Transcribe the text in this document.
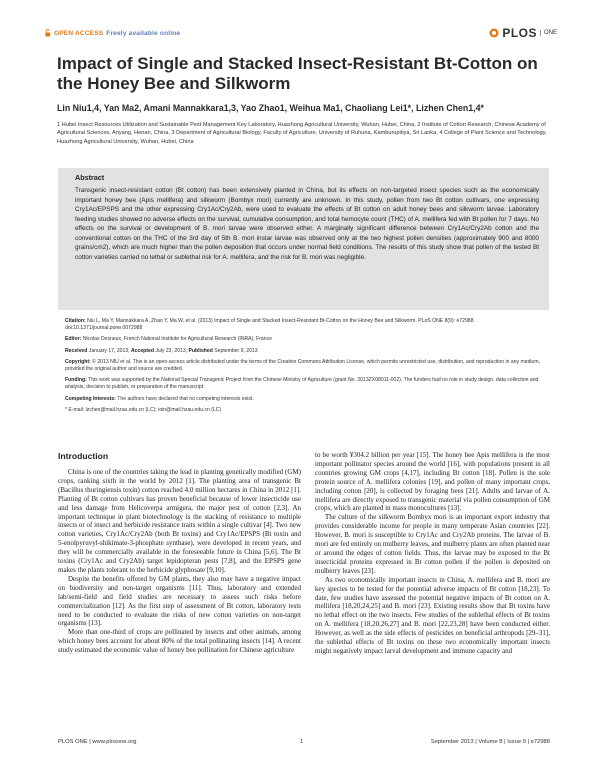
OPEN ACCESS Freely available online	PLOS	ONE
Impact of Single and Stacked Insect-Resistant Bt-Cotton on the Honey Bee and Silkworm
Lin Niu1,4, Yan Ma2, Amani Mannakkara1,3, Yao Zhao1, Weihua Ma1, Chaoliang Lei1*, Lizhen Chen1,4*

1 Hubei Insect Resources Utilization and Sustainable Pest Management Key Laboratory, Huazhong Agricultural University, Wuhan, Hubei, China, 2 Institute of Cotton Research, Chinese Academy of Agricultural Sciences, Anyang, Henan, China, 3 Department of Agricultural Biology, Faculty of Agriculture, University of Ruhuna, Kamburupitiya, Sri Lanka, 4 College of Plant Science and Technology, Huazhong Agricultural University, Wuhan, Hubei, China

Abstract

Transgenic insect-resistant cotton (Bt cotton) has been extensively planted in China, but its effects on non-targeted insect species such as the economically important honey bee (Apis mellifera) and silkworm (Bombyx mori) currently are unknown. In this study, pollen from two Bt cotton cultivars, one expressing Cry1Ac/EPSPS and the other expressing Cry1Ac/Cry2Ab, were used to evaluate the effects of Bt cotton on adult honey bees and silkworm larvae. Laboratory feeding studies showed no adverse effects on the survival, cumulative consumption, and total hemocyte count (THC) of A. mellifera fed with Bt pollen for 7 days. No effects on the survival or development of B. mori larvae were observed either. A marginally significant difference between Cry1Ac/Cry2Ab cotton and the conventional cotton on the THC of the 3rd day of 5th B. mori instar larvae was observed only at the two highest pollen densities (approximately 900 and 8000 grains/cm2), which are much higher than the pollen deposition that occurs under normal field conditions. The results of this study show that pollen of the tested Bt cotton varieties carried no lethal or sublethal risk for A. mellifera, and the risk for B. mori was negligible.

Citation: Niu L, Ma Y, Mannakkara A, Zhao Y, Ma W, et al. (2013) Impact of Single and Stacked Insect-Resistant Bt-Cotton on the Honey Bee and Silkworm. PLoS ONE 8(9): e72988. doi:10.1371/journal.pone.0072988

Editor: Nicolas Desneux, French National Institute for Agricultural Research (INRA), France

Received January 17, 2013; Accepted July 23, 2013; Published September 9, 2013

Copyright: © 2013 NIU et al. This is an open-access article distributed under the terms of the Creative Commons Attribution License, which permits unrestricted use, distribution, and reproduction in any medium, provided the original author and source are credited.

Funding: This work was supported by the National Special Transgenic Project from the Chinese Ministry of Agriculture (grant No. 2013ZX08011-002). The funders had no role in study design, data collection and analysis, decision to publish, or preparation of the manuscript.

Competing Interests: The authors have declared that no competing interests exist.

* E-mail: lzchen@mail.hzau.edu.cn (LC); ioin@mail.hzau.edu.cn (LC)

Introduction

China is one of the countries taking the lead in planting genetically modified (GM) crops, ranking sixth in the world by 2012 [1]. The planting area of transgenic Bt (Bacillus thuringiensis toxin) cotton reached 4.0 million hectares in China in 2012 [1]. Planting of Bt cotton cultivars has proven beneficial because of lower insecticide use and less damage from Helicoverpa armigera, the major pest of cotton [2,3]. An important technique in plant biotechnology is the stacking of resistance to multiple insects or of insect and herbicide resistance traits within a single cultivar [4]. Two new cotton varieties, Cry1Ac/Cry2Ab (both Bt toxins) and Cry1Ac/EPSPS (Bt toxin and 5-enolpyruvyl-shikimate-3-phosphate synthase), were developed in recent years, and they will be commercially available in the foreseeable future in China [5,6]. The Bt toxins (Cry1Ac and Cry2Ab) target lepidopteran pests [7,8], and the EPSPS gene makes the plants tolerant to the herbicide glyphosate [9,10].

Despite the benefits offered by GM plants, they also may have a negative impact on biodiversity and non-target organisms [11]. Thus, laboratory and extended lab/semi-field and field studies are necessary to assess such risks before commercialization [12]. As the first step of assessment of Bt cotton, laboratory tests need to be conducted to evaluate the risks of new cotton varieties on non-target organisms [13].

More than one-third of crops are pollinated by insects and other animals, among which honey bees account for about 80% of the total pollinating insects [14]. A recent study estimated the economic value of honey bee pollination for Chinese agriculture

to be worth ¥304.2 billion per year [15]. The honey bee Apis mellifera is the most important pollinator species around the world [16], with populations present in all countries growing GM crops [4,17], including Bt cotton [18]. Pollen is the sole protein source of A. mellifera colonies [19], and pollen of many important crops, including cotton [20], is collected by foraging bees [21]. Adults and larvae of A. mellifera are directly exposed to transgenic material via pollen consumption of GM crops, which are planted in mass monocultures [13].

The culture of the silkworm Bombyx mori is an important export industry that provides considerable income for people in many temperate Asian countries [22]. However, B. mori is susceptible to Cry1Ac and Cry2Ab proteins. The larvae of B. mori are fed entirely on mulberry leaves, and mulberry plants are often planted near or around the edges of cotton fields. Thus, the larvae may be exposed to the Bt insecticidal proteins expressed in Bt cotton pollen if the pollen is deposited on mulberry leaves [23].

As two economically important insects in China, A. mellifera and B. mori are key species to be tested for the potential adverse impacts of Bt cotton [18,23]. To date, few studies have assessed the potential negative impacts of Bt cotton on A. mellifera [18,20,24,25] and B. mori [23]. Existing results show that Bt toxins have no lethal effect on the two insects. Few studies of the sublethal effects of Bt toxins on A. mellifera [18,20,26,27] and B. mori [22,23,28] have been conducted either. However, as well as the side effects of pesticides on beneficial arthropods [29–31], the sublethal effects of Bt toxins on these two economically important insects might negatively impact larval development and immune capacity and

PLOS ONE | www.plosone.org	1	September 2013 | Volume 8 | Issue 9 | e72988
